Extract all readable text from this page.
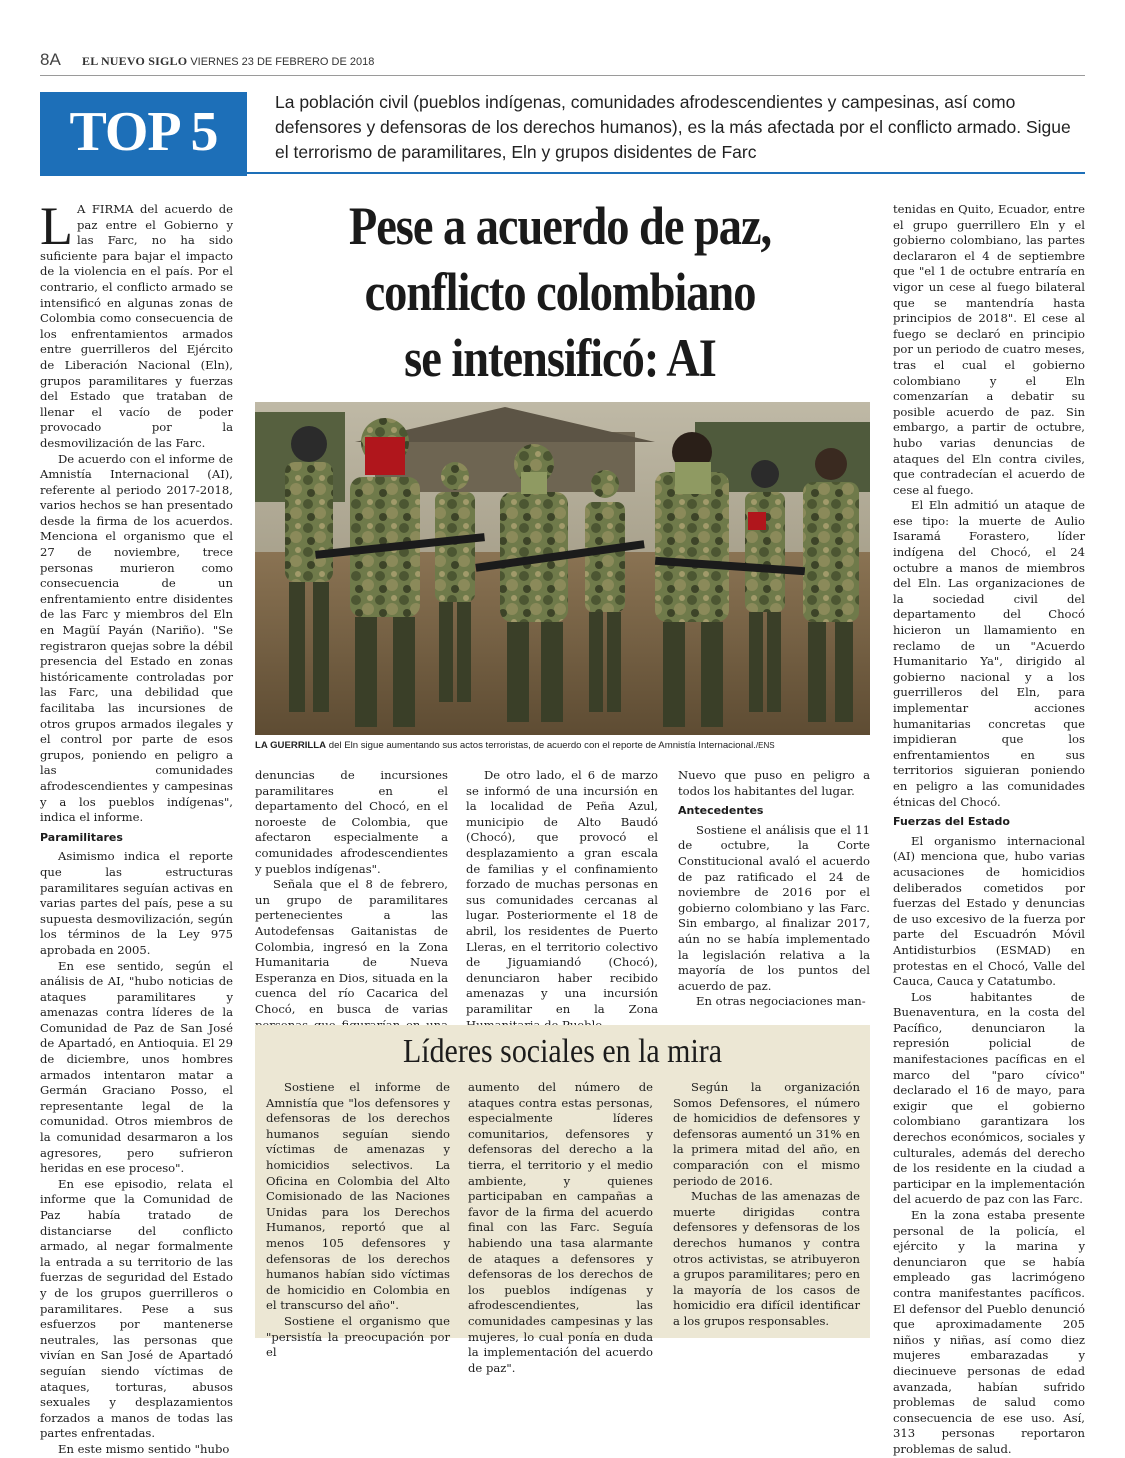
8A EL NUEVO SIGLO VIERNES 23 DE FEBRERO DE 2018
TOP 5	La población civil (pueblos indígenas, comunidades afrodescendientes y campesinas, así como defensores y defensoras de los derechos humanos), es la más afectada por el conflicto armado. Sigue el terrorismo de paramilitares, Eln y grupos disidentes de Farc

L A FIRMA del acuerdo de paz entre el Gobierno y las Farc, no ha sido suficiente para bajar el impacto de la violencia en el país. Por el contrario, el conflicto armado se intensificó en algunas zonas de Colombia como consecuencia de los enfrentamientos armados entre guerrilleros del Ejército de Liberación Nacional (Eln), grupos paramilitares y fuerzas del Estado que trataban de llenar el vacío de poder provocado por la desmovilización de las Farc.

De acuerdo con el informe de Amnistía Internacional (AI), referente al periodo 2017-2018, varios hechos se han presentado desde la firma de los acuerdos. Menciona el organismo que el 27 de noviembre, trece personas murieron como consecuencia de un enfrentamiento entre disidentes de las Farc y miembros del Eln en Magüí Payán (Nariño). "Se registraron quejas sobre la débil presencia del Estado en zonas históricamente controladas por las Farc, una debilidad que facilitaba las incursiones de otros grupos armados ilegales y el control por parte de esos grupos, poniendo en peligro a las comunidades afrodescendientes y campesinas y a los pueblos indígenas", indica el informe.

Paramilitares

Asimismo indica el reporte que las estructuras paramilitares seguían activas en varias partes del país, pese a su supuesta desmovilización, según los términos de la Ley 975 aprobada en 2005.

En ese sentido, según el análisis de AI, "hubo noticias de ataques paramilitares y amenazas contra líderes de la Comunidad de Paz de San José de Apartadó, en Antioquia. El 29 de diciembre, unos hombres armados intentaron matar a Germán Graciano Posso, el representante legal de la comunidad. Otros miembros de la comunidad desarmaron a los agresores, pero sufrieron heridas en ese proceso".

En ese episodio, relata el informe que la Comunidad de Paz había tratado de distanciarse del conflicto armado, al negar formalmente la entrada a su territorio de las fuerzas de seguridad del Estado y de los grupos guerrilleros o paramilitares. Pese a sus esfuerzos por mantenerse neutrales, las personas que vivían en San José de Apartadó seguían siendo víctimas de ataques, torturas, abusos sexuales y desplazamientos forzados a manos de todas las partes enfrentadas.

En este mismo sentido "hubo

Pese a acuerdo de paz,
conflicto colombiano
se intensificó: AI
LA GUERRILLA del Eln sigue aumentando sus actos terroristas, de acuerdo con el reporte de Amnistía Internacional./ENS

denuncias de incursiones paramilitares en el departamento del Chocó, en el noroeste de Colombia, que afectaron especialmente a comunidades afrodescendientes y pueblos indígenas".

Señala que el 8 de febrero, un grupo de paramilitares pertenecientes a las Autodefensas Gaitanistas de Colombia, ingresó en la Zona Humanitaria de Nueva Esperanza en Dios, situada en la cuenca del río Cacarica del Chocó, en busca de varias

De otro lado, el 6 de marzo se informó de una incursión en la localidad de Peña Azul, municipio de Alto Baudó (Chocó), que provocó el desplazamiento a gran escala de familias y el confinamiento forzado de muchas personas en sus comunidades cercanas al lugar. Posteriormente el 18 de abril, los residentes de Puerto Lleras, en el territorio colectivo de Jiguamiandó (Chocó), denunciaron haber recibido amenazas y una incursión paramilitar en la Zona

Nuevo que puso en peligro a todos los habitantes del lugar.

Antecedentes

Sostiene el análisis que el 11 de octubre, la Corte Constitucional avaló el acuerdo de paz ratificado el 24 de noviembre de 2016 por el gobierno colombiano y las Farc. Sin embargo, al finalizar 2017, aún no se había implementado la legislación relativa a la mayoría de los puntos del acuerdo de paz.

En otras negociaciones man-

tenidas en Quito, Ecuador, entre el grupo guerrillero Eln y el gobierno colombiano, las partes declararon el 4 de septiembre que "el 1 de octubre entraría en vigor un cese al fuego bilateral que se mantendría hasta principios de 2018". El cese al fuego se declaró en principio por un periodo de cuatro meses, tras el cual el gobierno colombiano y el Eln comenzarían a debatir su posible acuerdo de paz. Sin embargo, a partir de octubre, hubo varias denuncias de ataques del Eln contra civiles, que contradecían el acuerdo de cese al fuego.

El Eln admitió un ataque de ese tipo: la muerte de Aulio Isaramá Forastero, líder indígena del Chocó, el 24 octubre a manos de miembros del Eln. Las organizaciones de la sociedad civil del departamento del Chocó hicieron un llamamiento en reclamo de un "Acuerdo Humanitario Ya", dirigido al gobierno nacional y a los guerrilleros del Eln, para implementar acciones humanitarias concretas que impidieran que los enfrentamientos en sus territorios siguieran poniendo en peligro a las comunidades étnicas del Chocó.

Fuerzas del Estado

El organismo internacional (AI) menciona que, hubo varias acusaciones de homicidios deliberados cometidos por fuerzas del Estado y denuncias de uso excesivo de la fuerza por parte del Escuadrón Móvil Antidisturbios (ESMAD) en protestas en el Chocó, Valle del Cauca, Cauca y Catatumbo.

Los habitantes de Buenaventura, en la costa del Pacífico, denunciaron la represión policial de manifestaciones pacíficas en el marco del "paro cívico" declarado el 16 de mayo, para exigir que el gobierno colombiano garantizara los derechos económicos, sociales y culturales, además del derecho de los residente en la ciudad a participar en la implementación del acuerdo de paz con las Farc.

En la zona estaba presente personal de la policía, el ejército y la marina y denunciaron que se había empleado gas lacrimógeno contra manifestantes pacíficos. El defensor del Pueblo denunció que aproximadamente 205 niños y niñas, así como diez mujeres embarazadas y diecinueve personas de edad avanzada, habían sufrido problemas de salud como consecuencia de ese uso. Así, 313 personas reportaron problemas de salud.

Líderes sociales en la mira

Sostiene el informe de Amnistía que "los defensores y defensoras de los derechos humanos seguían siendo víctimas de amenazas y homicidios selectivos. La Oficina en Colombia del Alto Comisionado de las Naciones Unidas para los Derechos Humanos, reportó que al menos 105 defensores y defensoras de los derechos humanos habían sido víctimas de homicidio en Colombia en el transcurso del año".

Sostiene el organismo que "persistía la preocupación por el

aumento del número de ataques contra estas personas, especialmente líderes comunitarios, defensores y defensoras del derecho a la tierra, el territorio y el medio ambiente, y quienes participaban en campañas a favor de la firma del acuerdo final con las Farc. Seguía habiendo una tasa alarmante de ataques a defensores y defensoras de los derechos de los pueblos indígenas y afrodescendientes, las comunidades campesinas y las mujeres, lo cual ponía en duda la implementación del acuerdo de paz".

Según la organización Somos Defensores, el número de homicidios de defensores y defensoras aumentó un 31% en la primera mitad del año, en comparación con el mismo periodo de 2016.

Muchas de las amenazas de muerte dirigidas contra defensores y defensoras de los derechos humanos y contra otros activistas, se atribuyeron a grupos paramilitares; pero en la mayoría de los casos de homicidio era difícil identificar a los grupos responsables.
